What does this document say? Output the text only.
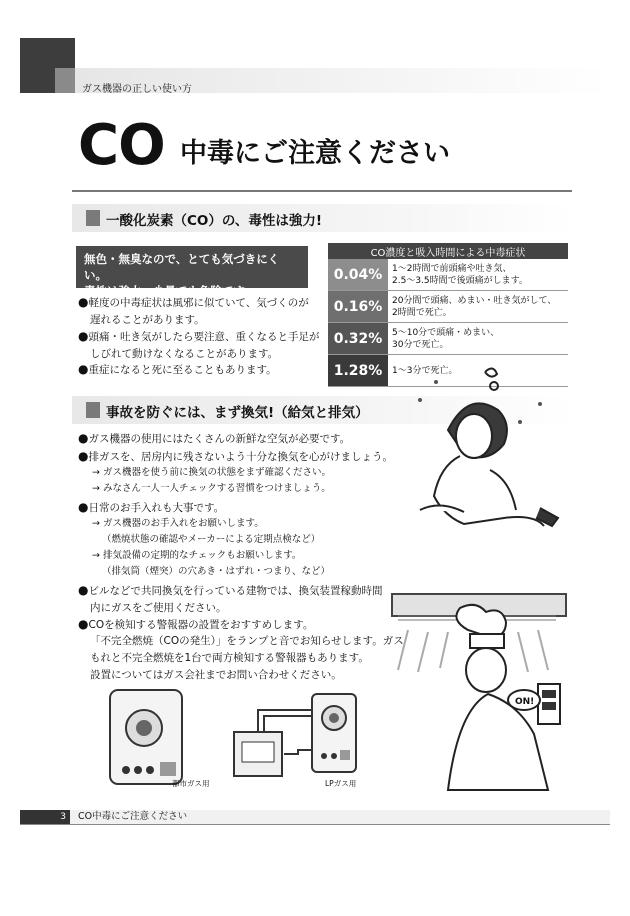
ガス機器の正しい使い方
CO 中毒にご注意ください
一酸化炭素（CO）の、毒性は強力!
無色・無臭なので、とても気づきにくい。
毒性は強力、少量でも危険です。
●軽度の中毒症状は風邪に似ていて、気づくのが
遅れることがあります。
●頭痛・吐き気がしたら要注意、重くなると手足が
しびれて動けなくなることがあります。
●重症になると死に至ることもあります。
CO濃度と吸入時間による中毒症状	
0.04%	1～2時間で前頭痛や吐き気、
2.5～3.5時間で後頭痛がします。
0.16%	20分間で頭痛、めまい・吐き気がして、
2時間で死亡。
0.32%	5～10分で頭痛・めまい、
30分で死亡。
1.28%	1～3分で死亡。
事故を防ぐには、まず換気!（給気と排気）
●ガス機器の使用にはたくさんの新鮮な空気が必要です。
●排ガスを、居房内に残さないよう十分な換気を心がけましょう。
→ ガス機器を使う前に換気の状態をまず確認ください。
→ みなさん一人一人チェックする習慣をつけましょう。
●日常のお手入れも大事です。
→ ガス機器のお手入れをお願いします。
（燃焼状態の確認やメーカーによる定期点検など）
→ 排気設備の定期的なチェックもお願いします。
（排気筒（煙突）の穴あき・はずれ・つまり、など）
●ビルなどで共同換気を行っている建物では、換気装置稼動時間
内にガスをご使用ください。
●COを検知する警報器の設置をおすすめします。
「不完全燃焼（COの発生）」をランプと音でお知らせします。ガス
もれと不完全燃焼を1台で両方検知する警報器もあります。
設置についてはガス会社までお問い合わせください。
ON!
都市ガス用	LPガス用
3	CO中毒にご注意ください
